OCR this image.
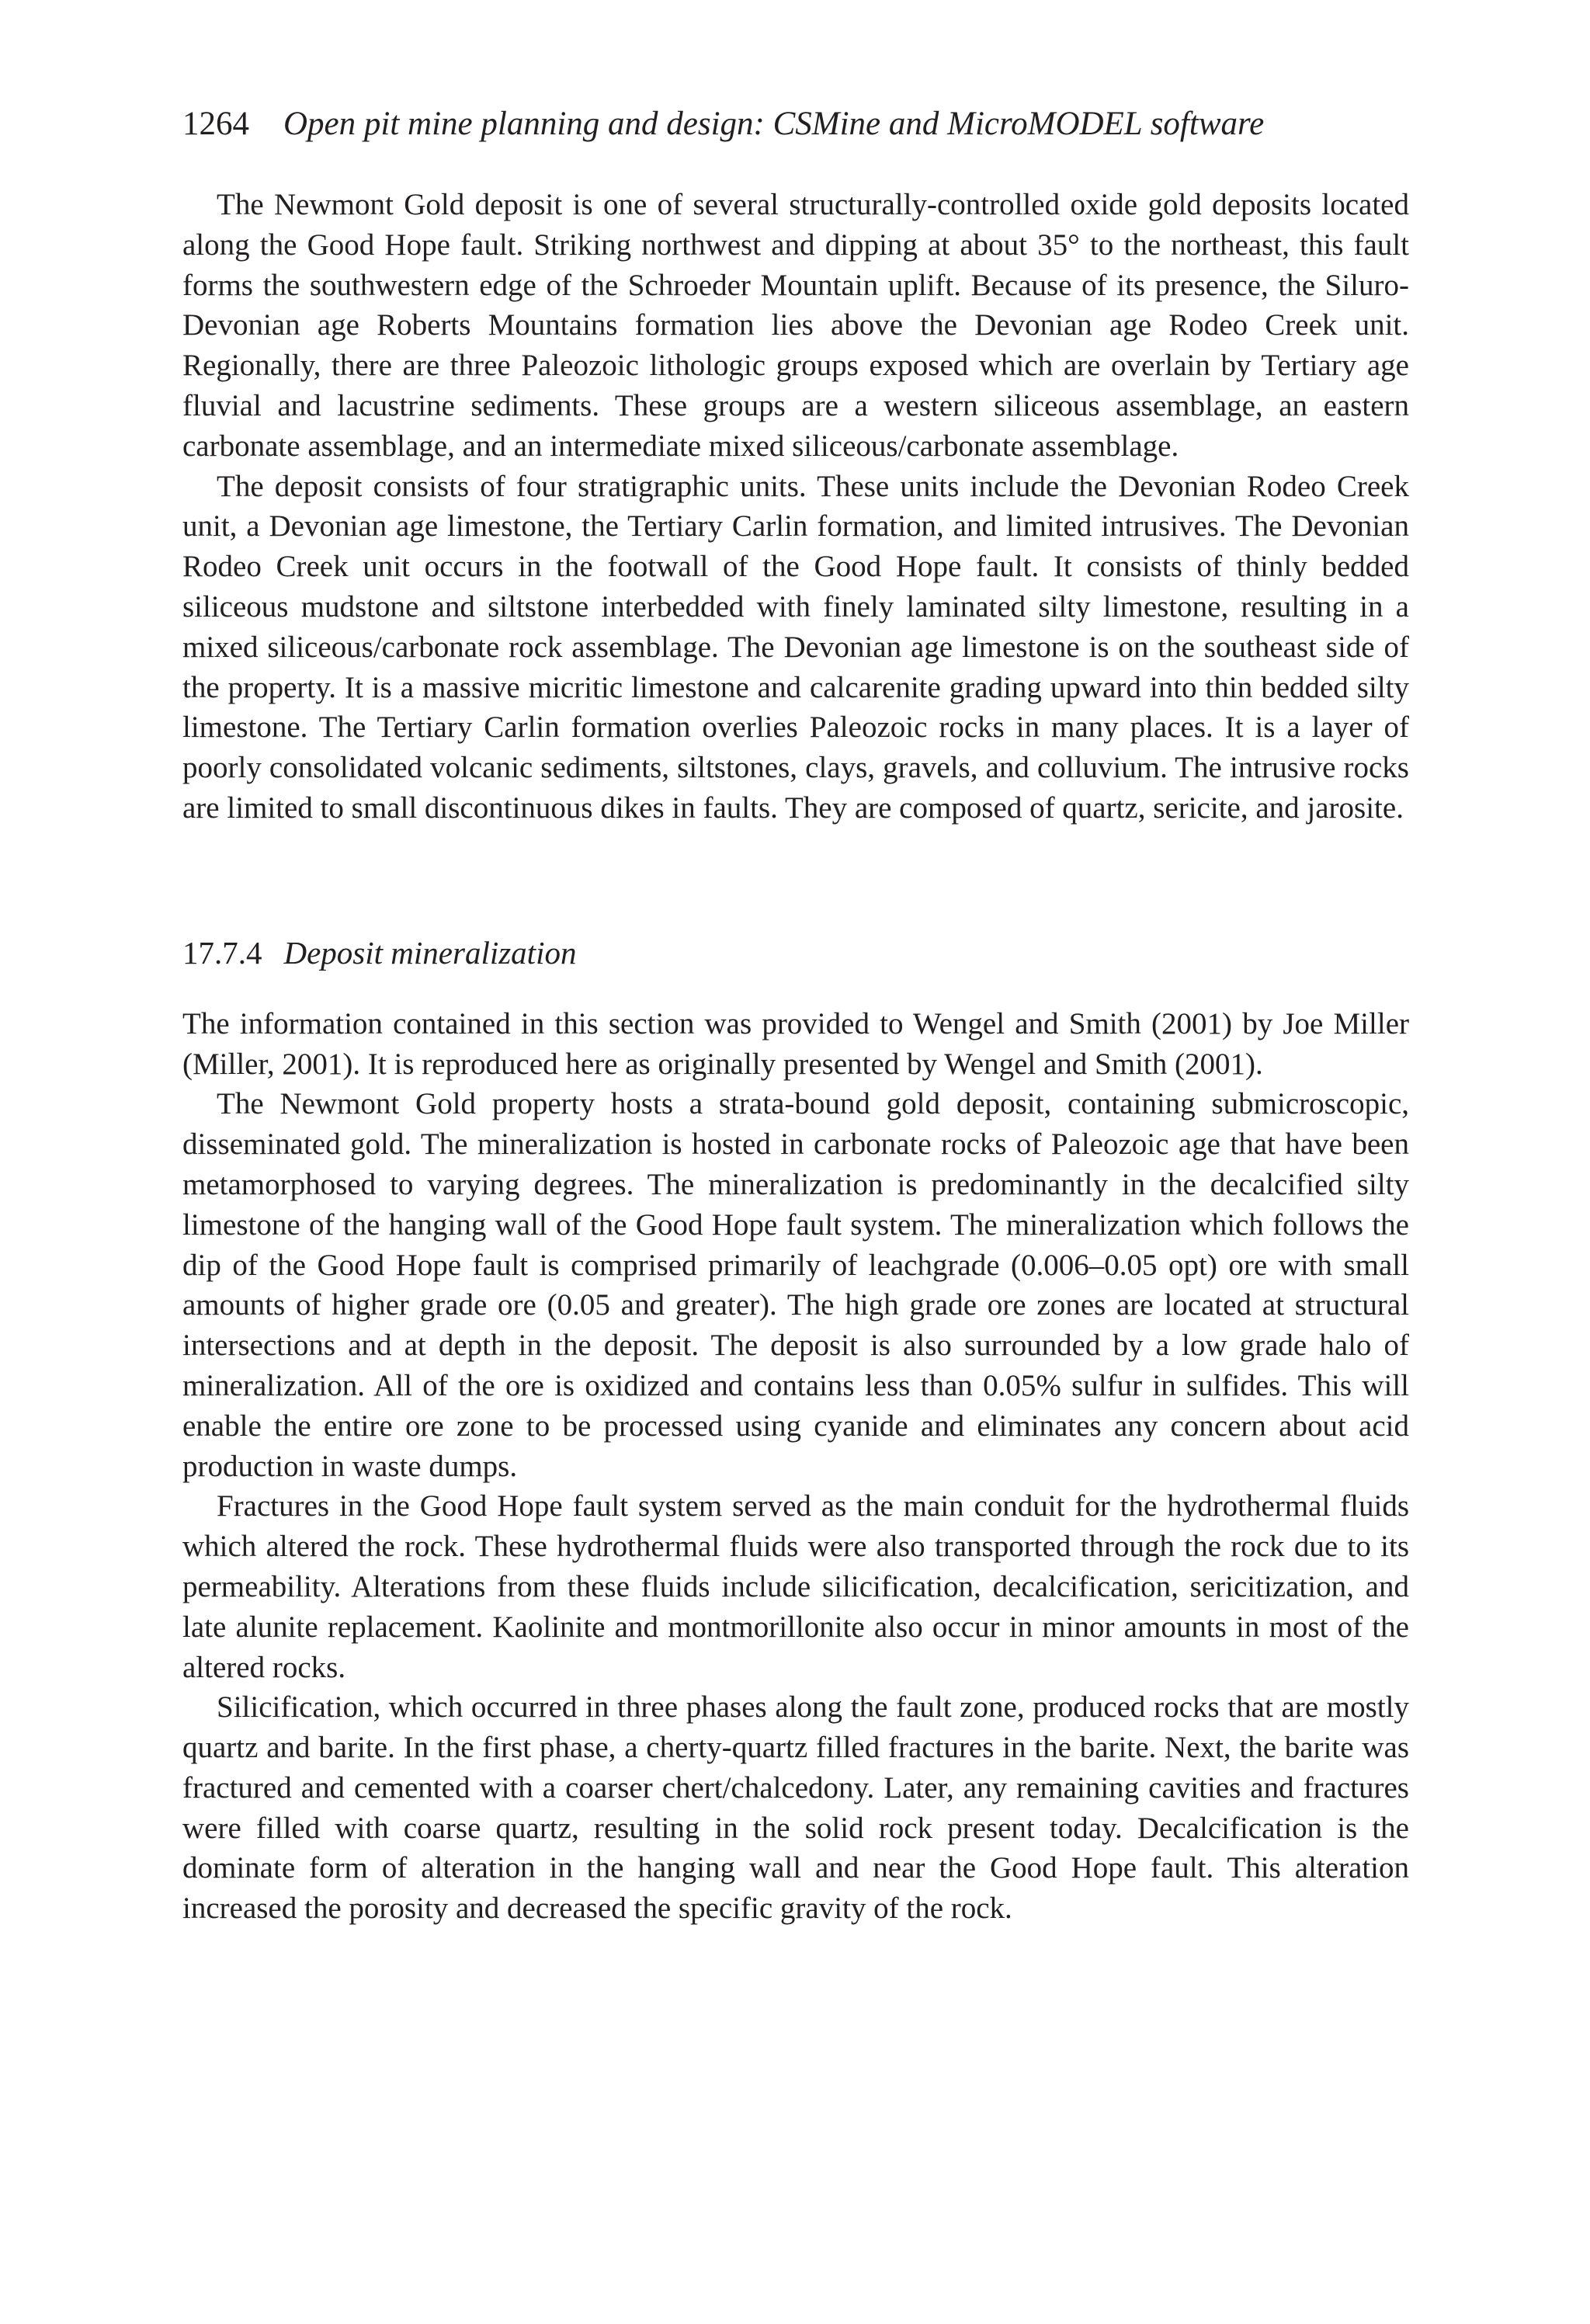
1264 Open pit mine planning and design: CSMine and MicroMODEL software

The Newmont Gold deposit is one of several structurally-controlled oxide gold deposits located along the Good Hope fault. Striking northwest and dipping at about 35° to the northeast, this fault forms the southwestern edge of the Schroeder Mountain uplift. Because of its presence, the Siluro-Devonian age Roberts Mountains formation lies above the Devonian age Rodeo Creek unit. Regionally, there are three Paleozoic lithologic groups exposed which are overlain by Tertiary age fluvial and lacustrine sediments. These groups are a western siliceous assemblage, an eastern carbonate assemblage, and an intermediate mixed siliceous/carbonate assemblage.

The deposit consists of four stratigraphic units. These units include the Devonian Rodeo Creek unit, a Devonian age limestone, the Tertiary Carlin formation, and limited intrusives. The Devonian Rodeo Creek unit occurs in the footwall of the Good Hope fault. It consists of thinly bedded siliceous mudstone and siltstone interbedded with finely laminated silty limestone, resulting in a mixed siliceous/carbonate rock assemblage. The Devonian age limestone is on the southeast side of the property. It is a massive micritic limestone and calcarenite grading upward into thin bedded silty limestone. The Tertiary Carlin formation overlies Paleozoic rocks in many places. It is a layer of poorly consolidated volcanic sediments, siltstones, clays, gravels, and colluvium. The intrusive rocks are limited to small discontinuous dikes in faults. They are composed of quartz, sericite, and jarosite.

17.7.4 Deposit mineralization

The information contained in this section was provided to Wengel and Smith (2001) by Joe Miller (Miller, 2001). It is reproduced here as originally presented by Wengel and Smith (2001).

The Newmont Gold property hosts a strata-bound gold deposit, containing submicroscopic, disseminated gold. The mineralization is hosted in carbonate rocks of Paleozoic age that have been metamorphosed to varying degrees. The mineralization is predominantly in the decalcified silty limestone of the hanging wall of the Good Hope fault system. The mineralization which follows the dip of the Good Hope fault is comprised primarily of leachgrade (0.006–0.05 opt) ore with small amounts of higher grade ore (0.05 and greater). The high grade ore zones are located at structural intersections and at depth in the deposit. The deposit is also surrounded by a low grade halo of mineralization. All of the ore is oxidized and contains less than 0.05% sulfur in sulfides. This will enable the entire ore zone to be processed using cyanide and eliminates any concern about acid production in waste dumps.

Fractures in the Good Hope fault system served as the main conduit for the hydrothermal fluids which altered the rock. These hydrothermal fluids were also transported through the rock due to its permeability. Alterations from these fluids include silicification, decalcification, sericitization, and late alunite replacement. Kaolinite and montmorillonite also occur in minor amounts in most of the altered rocks.

Silicification, which occurred in three phases along the fault zone, produced rocks that are mostly quartz and barite. In the first phase, a cherty-quartz filled fractures in the barite. Next, the barite was fractured and cemented with a coarser chert/chalcedony. Later, any remaining cavities and fractures were filled with coarse quartz, resulting in the solid rock present today. Decalcification is the dominate form of alteration in the hanging wall and near the Good Hope fault. This alteration increased the porosity and decreased the specific gravity of the rock.
